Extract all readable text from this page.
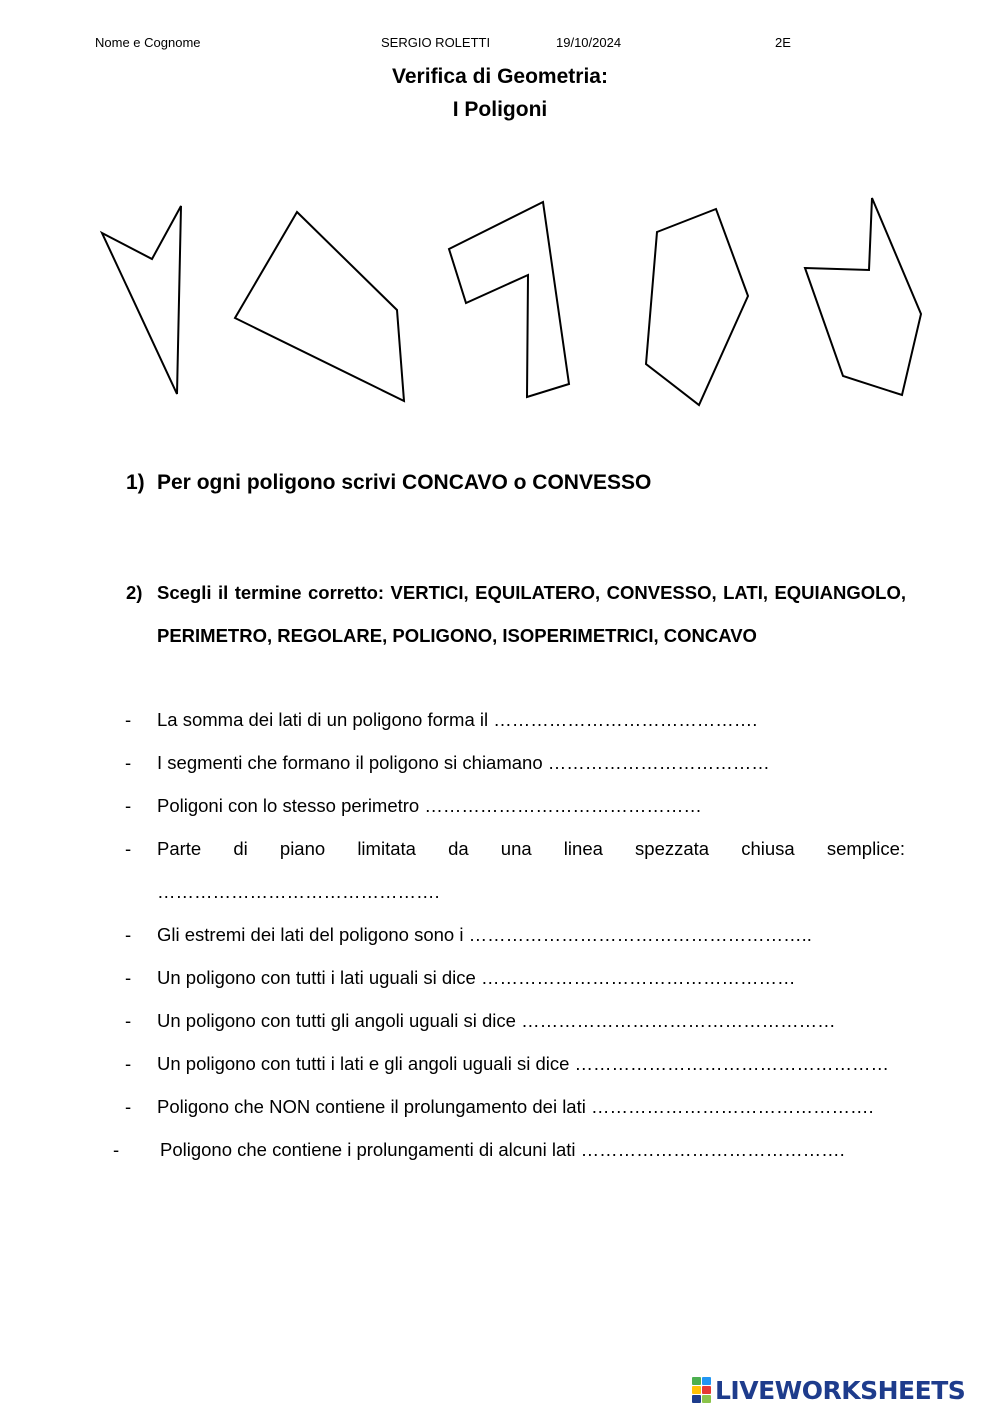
Nome e Cognome	SERGIO ROLETTI	19/10/2024	2E
Verifica di Geometria:
I Poligoni
1) Per ogni poligono scrivi CONCAVO o CONVESSO
2) Scegli il termine corretto: VERTICI, EQUILATERO, CONVESSO, LATI, EQUIANGOLO, PERIMETRO, REGOLARE, POLIGONO, ISOPERIMETRICI, CONCAVO
- La somma dei lati di un poligono forma il …………………………………….
- I segmenti che formano il poligono si chiamano ………………………………
- Poligoni con lo stesso perimetro ………………………………………
- Parte di piano limitata da una linea spezzata chiusa semplice: ……………………………………….
- Gli estremi dei lati del poligono sono i ………………………………………………..
- Un poligono con tutti i lati uguali si dice ……………………………………………
- Un poligono con tutti gli angoli uguali si dice ……………………………………………
- Un poligono con tutti i lati e gli angoli uguali si dice ……………………………………………
- Poligono che NON contiene il prolungamento dei lati ……………………………………….
- Poligono che contiene i prolungamenti di alcuni lati …………………………………….
LIVEWORKSHEETS
